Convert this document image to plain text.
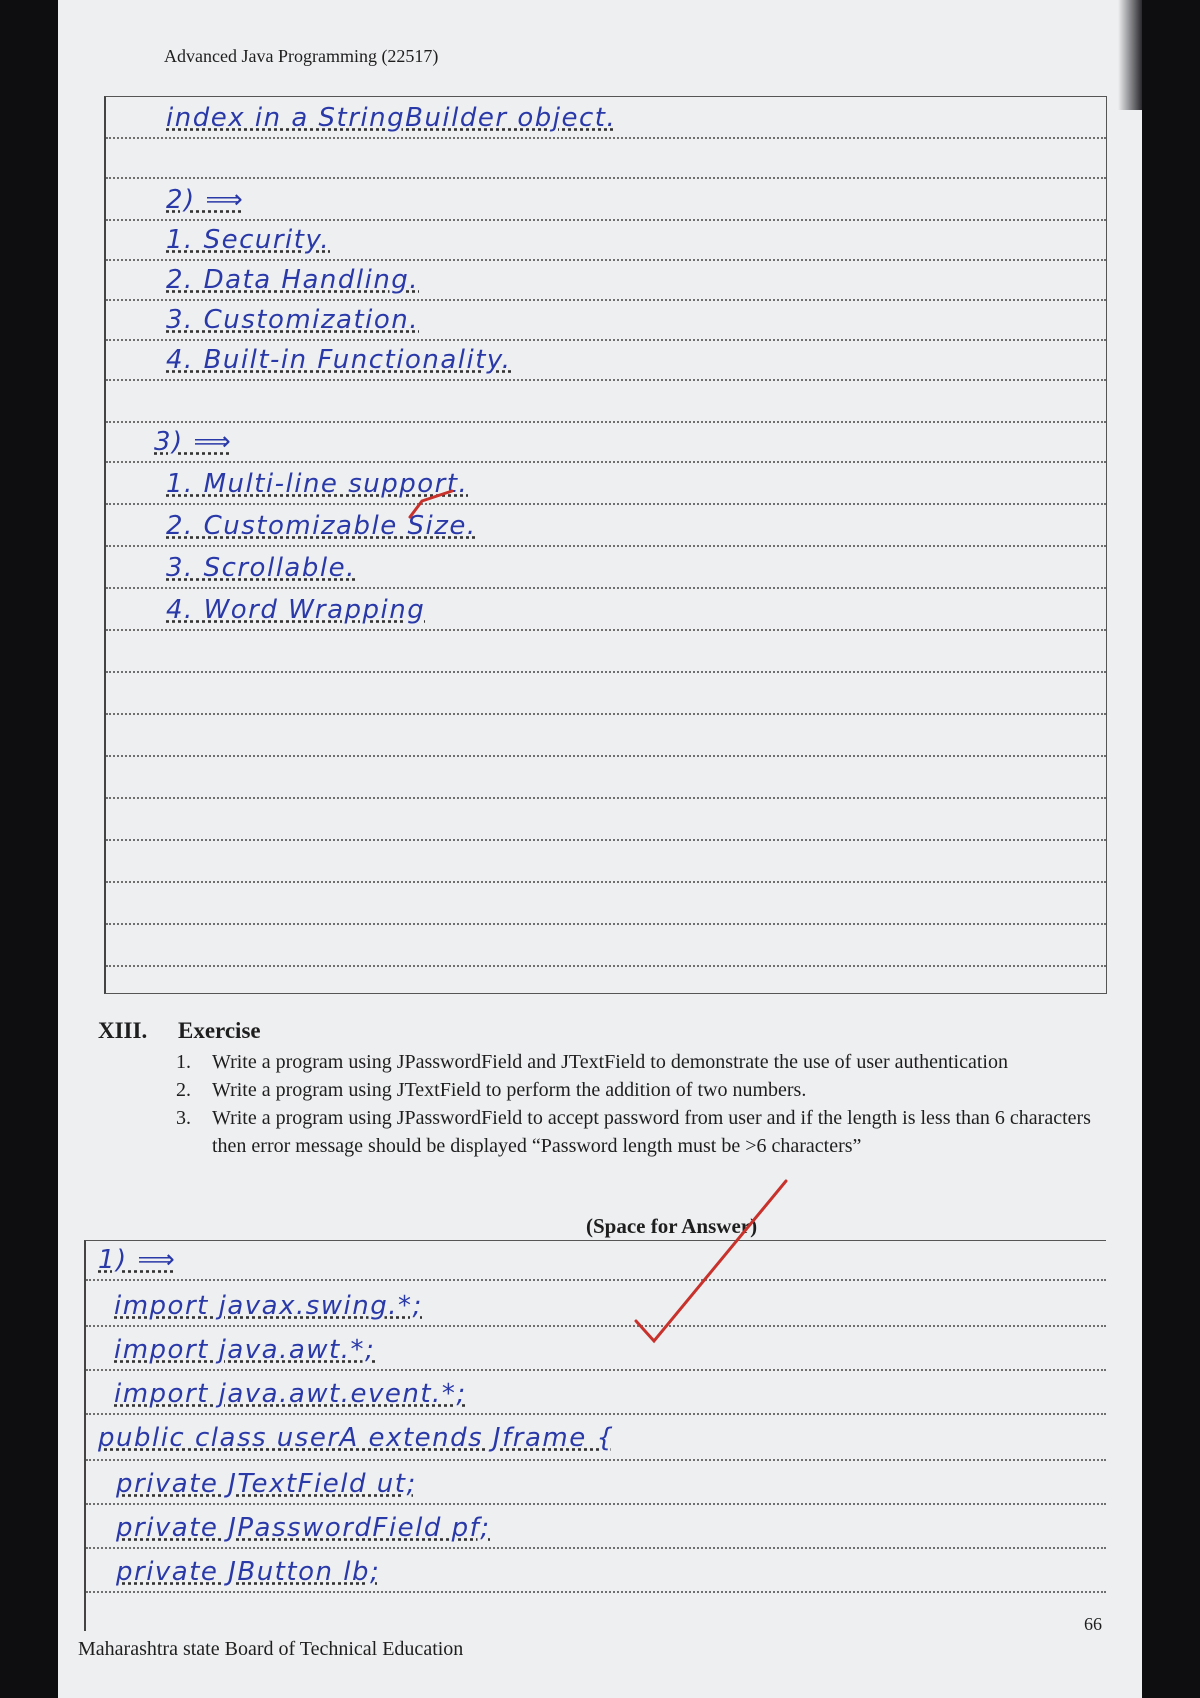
Advanced Java Programming (22517)
index in a StringBuilder object.
2) ⟹
1. Security.
2. Data Handling.
3. Customization.
4. Built-in Functionality.
3) ⟹
1. Multi-line support.
2. Customizable Size.
3. Scrollable.
4. Word Wrapping
XIII. Exercise
1.	Write a program using JPasswordField and JTextField to demonstrate the use of user authentication
2.	Write a program using JTextField to perform the addition of two numbers.
3.	Write a program using JPasswordField to accept password from user and if the length is less than 6 characters then error message should be displayed “Password length must be >6 characters”
(Space for Answer)
1) ⟹
import javax.swing.*;
import java.awt.*;
import java.awt.event.*;
public class userA extends Jframe {
private JTextField ut;
private JPasswordField pf;
private JButton lb;
66
Maharashtra state Board of Technical Education
